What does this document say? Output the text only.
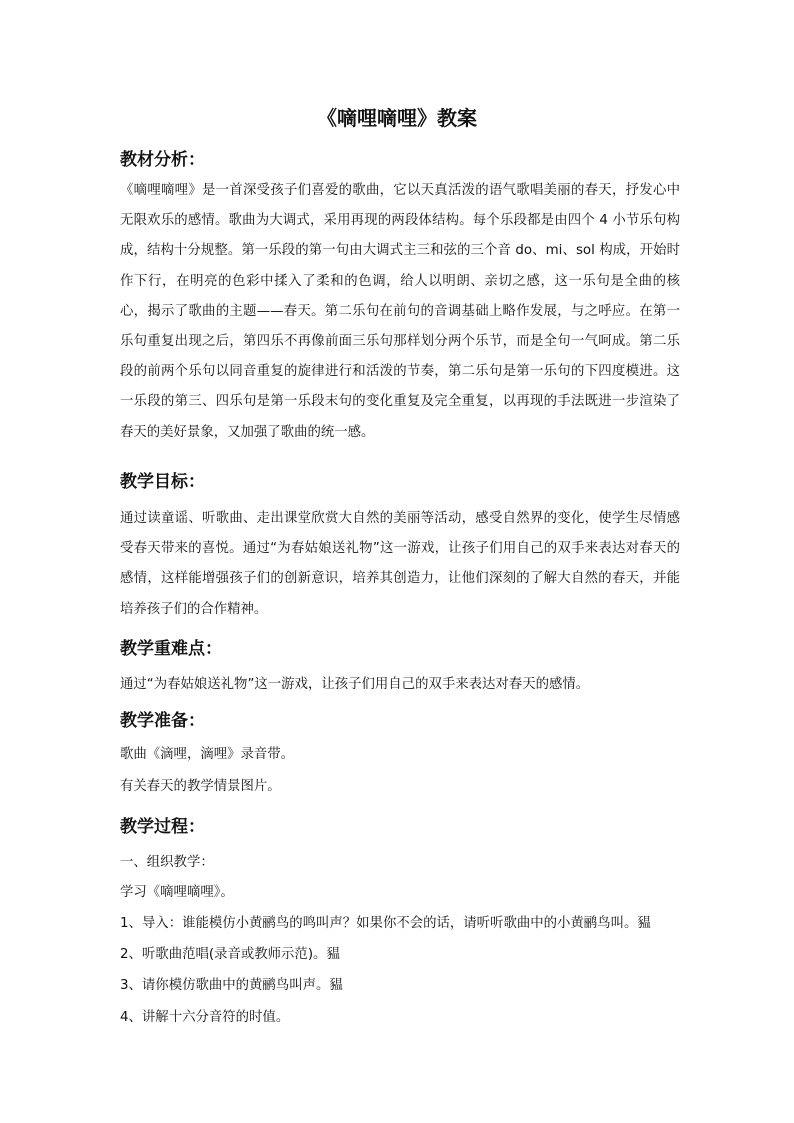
《嘀哩嘀哩》教案
教材分析：

《嘀哩嘀哩》是一首深受孩子们喜爱的歌曲，它以天真活泼的语气歌唱美丽的春天，抒发心中无限欢乐的感情。歌曲为大调式，采用再现的两段体结构。每个乐段都是由四个 4 小节乐句构成，结构十分规整。第一乐段的第一句由大调式主三和弦的三个音 do、mi、sol 构成，开始时作下行，在明亮的色彩中揉入了柔和的色调，给人以明朗、亲切之感，这一乐句是全曲的核心，揭示了歌曲的主题——春天。第二乐句在前句的音调基础上略作发展，与之呼应。在第一乐句重复出现之后，第四乐不再像前面三乐句那样划分两个乐节，而是全句一气呵成。第二乐段的前两个乐句以同音重复的旋律进行和活泼的节奏，第二乐句是第一乐句的下四度模进。这一乐段的第三、四乐句是第一乐段末句的变化重复及完全重复，以再现的手法既进一步渲染了春天的美好景象，又加强了歌曲的统一感。

教学目标：

通过读童谣、听歌曲、走出课堂欣赏大自然的美丽等活动，感受自然界的变化，使学生尽情感受春天带来的喜悦。通过“为春姑娘送礼物”这一游戏，让孩子们用自己的双手来表达对春天的感情，这样能增强孩子们的创新意识，培养其创造力，让他们深刻的了解大自然的春天，并能培养孩子们的合作精神。

教学重难点：
通过“为春姑娘送礼物”这一游戏，让孩子们用自己的双手来表达对春天的感情。
教学准备：
歌曲《滴哩，滴哩》录音带。
有关春天的教学情景图片。
教学过程：
一、组织教学：
学习《嘀哩嘀哩》。
1、导入：谁能模仿小黄鹂鸟的鸣叫声？如果你不会的话，请听听歌曲中的小黄鹂鸟叫。豱
2、听歌曲范唱(录音或教师示范)。豱
3、请你模仿歌曲中的黄鹂鸟叫声。豱
4、讲解十六分音符的时值。
